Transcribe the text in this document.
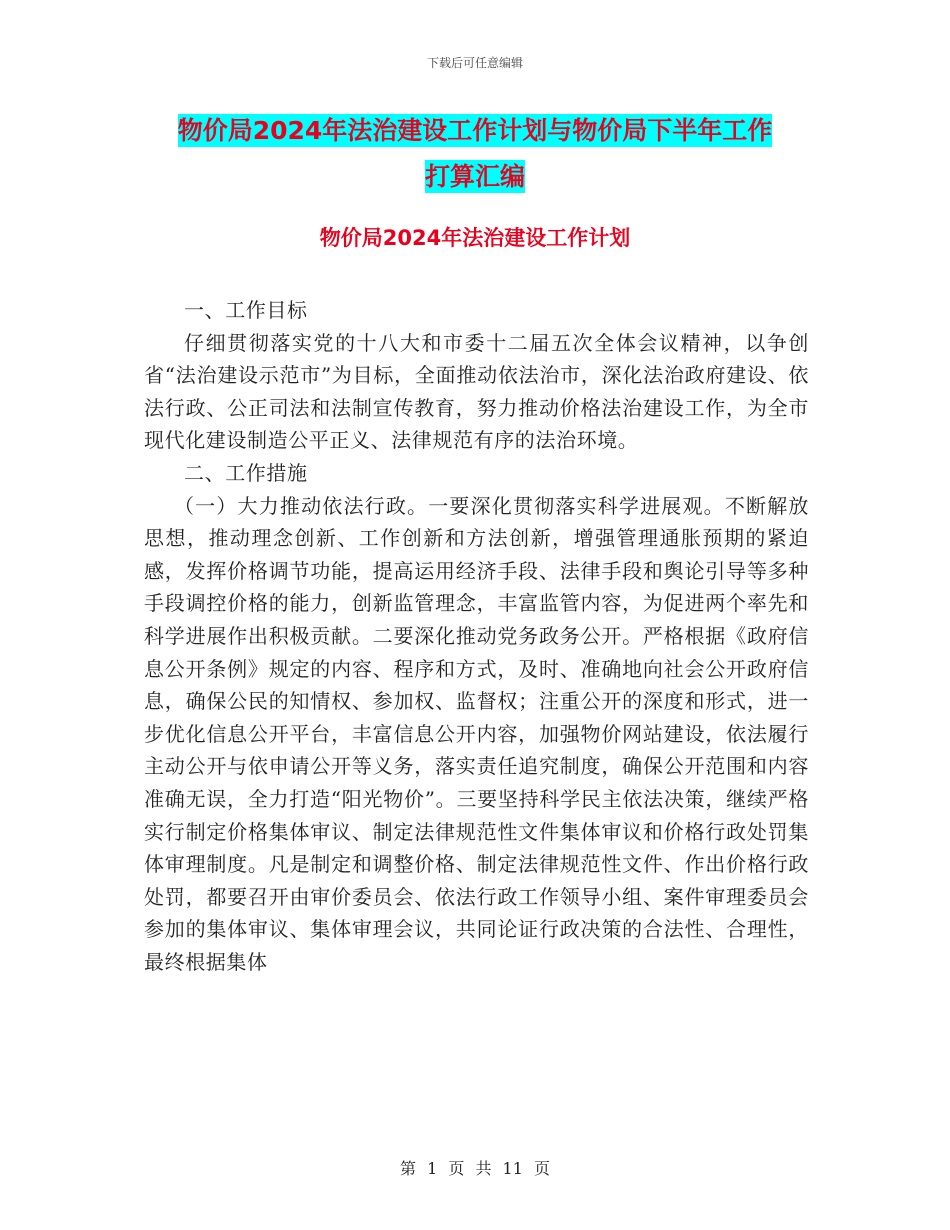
下载后可任意编辑
物价局2024年法治建设工作计划与物价局下半年工作
打算汇编
物价局2024年法治建设工作计划

一、工作目标

仔细贯彻落实党的十八大和市委十二届五次全体会议精神，以争创省“法治建设示范市”为目标，全面推动依法治市，深化法治政府建设、依法行政、公正司法和法制宣传教育，努力推动价格法治建设工作，为全市现代化建设制造公平正义、法律规范有序的法治环境。

二、工作措施

（一）大力推动依法行政。一要深化贯彻落实科学进展观。不断解放思想，推动理念创新、工作创新和方法创新，增强管理通胀预期的紧迫感，发挥价格调节功能，提高运用经济手段、法律手段和舆论引导等多种手段调控价格的能力，创新监管理念，丰富监管内容，为促进两个率先和科学进展作出积极贡献。二要深化推动党务政务公开。严格根据《政府信息公开条例》规定的内容、程序和方式，及时、准确地向社会公开政府信息，确保公民的知情权、参加权、监督权；注重公开的深度和形式，进一步优化信息公开平台，丰富信息公开内容，加强物价网站建设，依法履行主动公开与依申请公开等义务，落实责任追究制度，确保公开范围和内容准确无误，全力打造“阳光物价”。三要坚持科学民主依法决策，继续严格实行制定价格集体审议、制定法律规范性文件集体审议和价格行政处罚集体审理制度。凡是制定和调整价格、制定法律规范性文件、作出价格行政处罚，都要召开由审价委员会、依法行政工作领导小组、案件审理委员会参加的集体审议、集体审理会议，共同论证行政决策的合法性、合理性，最终根据集体

第 1 页 共 11 页
